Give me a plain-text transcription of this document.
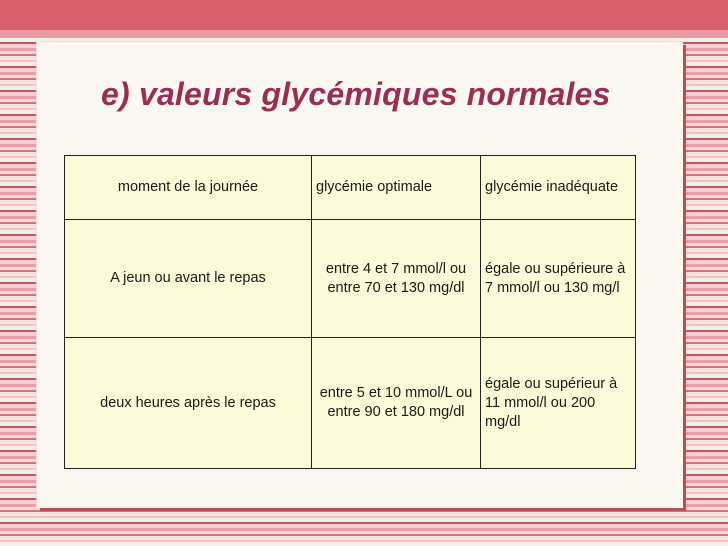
e) valeurs glycémiques normales
moment de la journée	glycémie optimale	glycémie inadéquate
A jeun ou avant le repas	entre 4 et 7 mmol/l ou entre 70 et 130 mg/dl	égale ou supérieure à 7 mmol/l ou 130 mg/l
deux heures après le repas	entre 5 et 10 mmol/L ou entre 90 et 180 mg/dl	égale ou supérieur à 11 mmol/l ou 200 mg/dl
